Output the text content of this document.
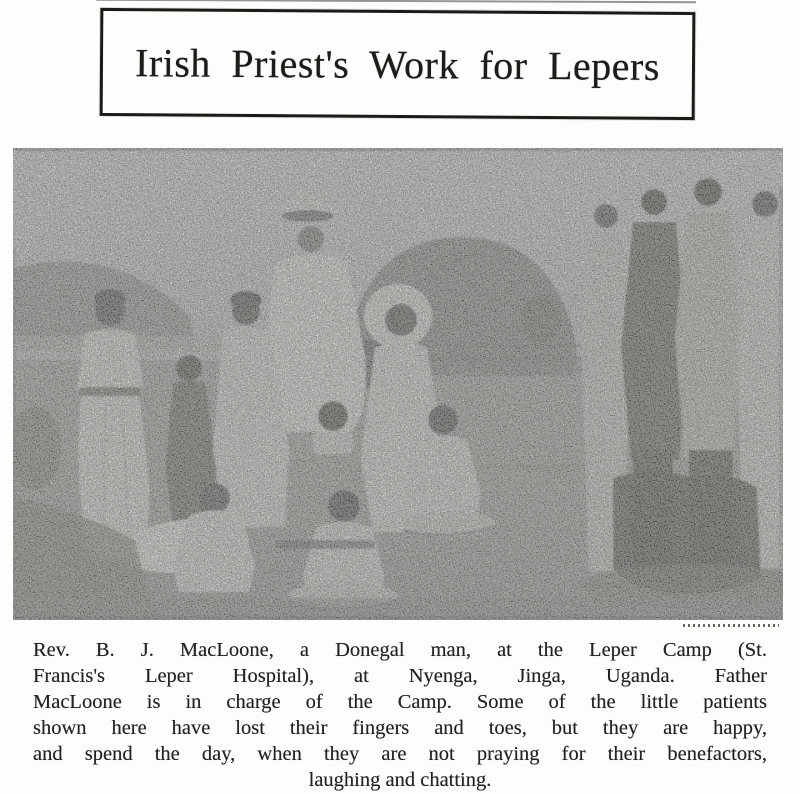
Irish Priest's Work for Lepers
Rev. B. J. MacLoone, a Donegal man, at the Leper Camp (St.
Francis's Leper Hospital), at Nyenga, Jinga, Uganda. Father
MacLoone is in charge of the Camp. Some of the little patients
shown here have lost their fingers and toes, but they are happy,
and spend the day, when they are not praying for their benefactors,
laughing and chatting.
